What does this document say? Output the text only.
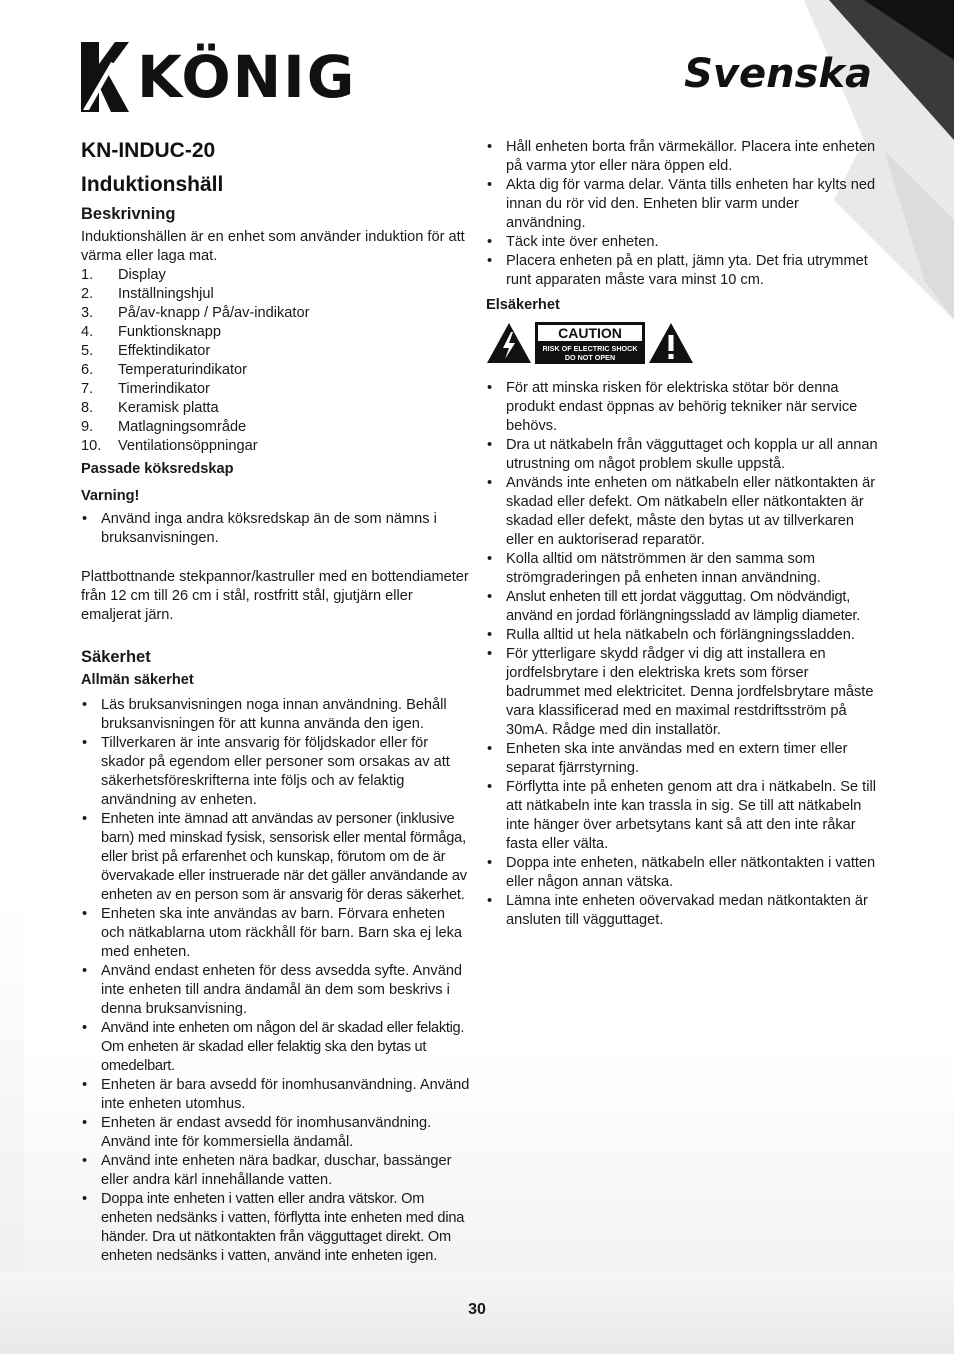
KÖNIG	Svenska
KN-INDUC-20
Induktionshäll
Beskrivning

Induktionshällen är en enhet som använder induktion för att värma eller laga mat.

1.	Display
2.	Inställningshjul
3.	På/av-knapp / På/av-indikator
4.	Funktionsknapp
5.	Effektindikator
6.	Temperaturindikator
7.	Timerindikator
8.	Keramisk platta
9.	Matlagningsområde
10.	Ventilationsöppningar
Passade köksredskap
Varning!
• Använd inga andra köksredskap än de som nämns i bruksanvisningen.

Plattbottnande stekpannor/kastruller med en bottendiameter från 12 cm till 26 cm i stål, rostfritt stål, gjutjärn eller emaljerat järn.

Säkerhet
Allmän säkerhet
• Läs bruksanvisningen noga innan användning. Behåll bruksanvisningen för att kunna använda den igen.
• Tillverkaren är inte ansvarig för följdskador eller för skador på egendom eller personer som orsakas av att säkerhetsföreskrifterna inte följs och av felaktig användning av enheten.
• Enheten inte ämnad att användas av personer (inklusive barn) med minskad fysisk, sensorisk eller mental förmåga, eller brist på erfarenhet och kunskap, förutom om de är övervakade eller instruerade när det gäller användande av enheten av en person som är ansvarig för deras säkerhet.
• Enheten ska inte användas av barn. Förvara enheten och nätkablarna utom räckhåll för barn. Barn ska ej leka med enheten.
• Använd endast enheten för dess avsedda syfte. Använd inte enheten till andra ändamål än dem som beskrivs i denna bruksanvisning.
• Använd inte enheten om någon del är skadad eller felaktig. Om enheten är skadad eller felaktig ska den bytas ut omedelbart.
• Enheten är bara avsedd för inomhusanvändning. Använd inte enheten utomhus.
• Enheten är endast avsedd för inomhusanvändning. Använd inte för kommersiella ändamål.
• Använd inte enheten nära badkar, duschar, bassänger eller andra kärl innehållande vatten.
• Doppa inte enheten i vatten eller andra vätskor. Om enheten nedsänks i vatten, förflytta inte enheten med dina händer. Dra ut nätkontakten från vägguttaget direkt. Om enheten nedsänks i vatten, använd inte enheten igen.
• Håll enheten borta från värmekällor. Placera inte enheten på varma ytor eller nära öppen eld.
• Akta dig för varma delar. Vänta tills enheten har kylts ned innan du rör vid den. Enheten blir varm under användning.
• Täck inte över enheten.
• Placera enheten på en platt, jämn yta. Det fria utrymmet runt apparaten måste vara minst 10 cm.
Elsäkerhet
CAUTION
RISK OF ELECTRIC SHOCK
DO NOT OPEN
• För att minska risken för elektriska stötar bör denna produkt endast öppnas av behörig tekniker när service behövs.
• Dra ut nätkabeln från vägguttaget och koppla ur all annan utrustning om något problem skulle uppstå.
• Används inte enheten om nätkabeln eller nätkontakten är skadad eller defekt. Om nätkabeln eller nätkontakten är skadad eller defekt, måste den bytas ut av tillverkaren eller en auktoriserad reparatör.
• Kolla alltid om nätströmmen är den samma som strömgraderingen på enheten innan användning.
• Anslut enheten till ett jordat vägguttag. Om nödvändigt, använd en jordad förlängningssladd av lämplig diameter.
• Rulla alltid ut hela nätkabeln och förlängningssladden.
• För ytterligare skydd rådger vi dig att installera en jordfelsbrytare i den elektriska krets som förser badrummet med elektricitet. Denna jordfelsbrytare måste vara klassificerad med en maximal restdriftsström på 30mA. Rådge med din installatör.
• Enheten ska inte användas med en extern timer eller separat fjärrstyrning.
• Förflytta inte på enheten genom att dra i nätkabeln. Se till att nätkabeln inte kan trassla in sig. Se till att nätkabeln inte hänger över arbetsytans kant så att den inte råkar fasta eller välta.
• Doppa inte enheten, nätkabeln eller nätkontakten i vatten eller någon annan vätska.
• Lämna inte enheten oövervakad medan nätkontakten är ansluten till vägguttaget.
30
